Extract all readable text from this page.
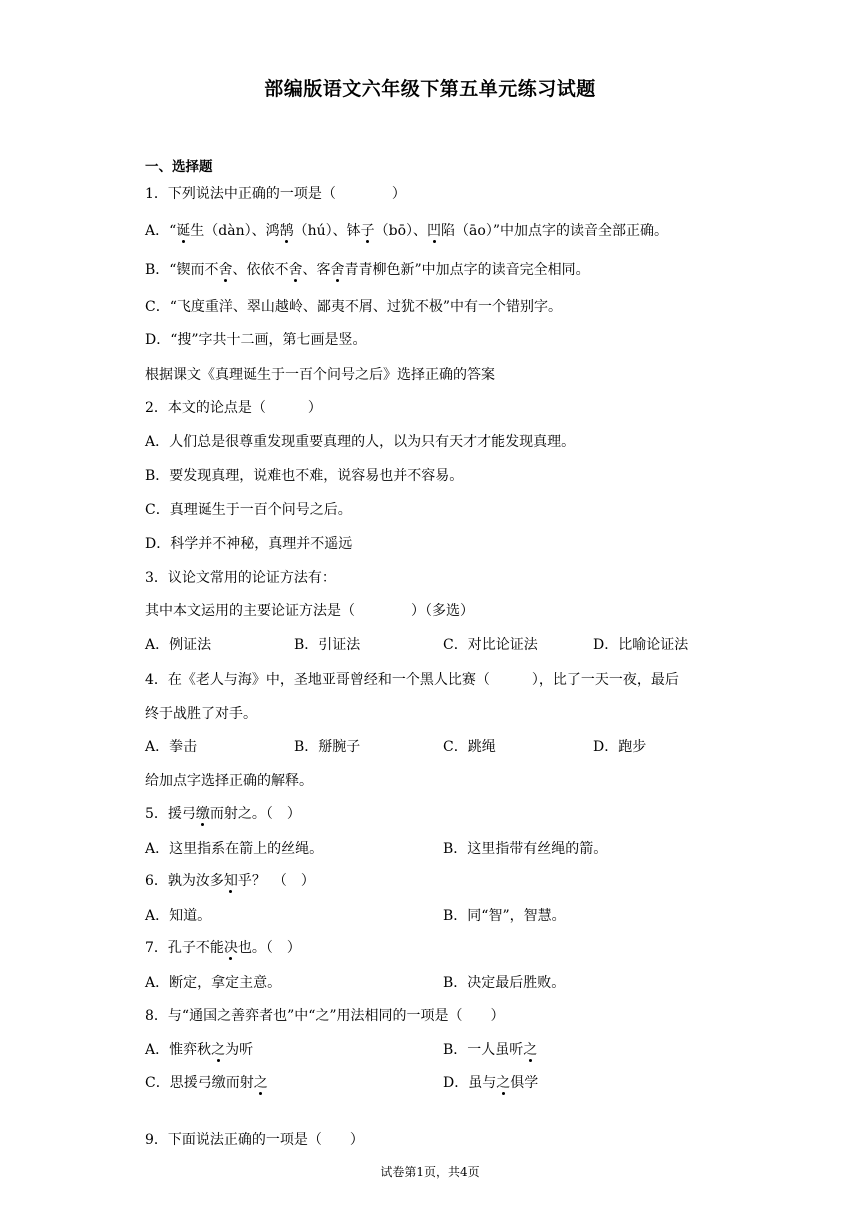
部编版语文六年级下第五单元练习试题
一、选择题
1．下列说法中正确的一项是（　　　　）
A．“诞生（dàn）、鸿鹄（hú）、钵子（bō）、凹陷（āo）”中加点字的读音全部正确。
B．“锲而不舍、依依不舍、客舍青青柳色新”中加点字的读音完全相同。
C．“飞度重洋、翠山越岭、鄙夷不屑、过犹不极”中有一个错别字。
D．“搜”字共十二画，第七画是竖。
根据课文《真理诞生于一百个问号之后》选择正确的答案
2．本文的论点是（　　　）
A．人们总是很尊重发现重要真理的人，以为只有天才才能发现真理。
B．要发现真理，说难也不难，说容易也并不容易。
C．真理诞生于一百个问号之后。
D．科学并不神秘，真理并不遥远
3．议论文常用的论证方法有：
其中本文运用的主要论证方法是（　　　　）（多选）
A．例证法	B．引证法	C．对比论证法	D．比喻论证法
4．在《老人与海》中，圣地亚哥曾经和一个黑人比赛（　　　），比了一天一夜，最后
终于战胜了对手。
A．拳击	B．掰腕子	C．跳绳	D．跑步
给加点字选择正确的解释。
5．援弓缴而射之。（　）
A．这里指系在箭上的丝绳。	B．这里指带有丝绳的箭。
6．孰为汝多知乎？　（　）
A．知道。	B．同“智”，智慧。
7．孔子不能决也。（　）
A．断定，拿定主意。	B．决定最后胜败。
8．与“通国之善弈者也”中“之”用法相同的一项是（　　）
A．惟弈秋之为听	B．一人虽听之
C．思援弓缴而射之	D．虽与之俱学
9．下面说法正确的一项是（　　）
试卷第1页，共4页
